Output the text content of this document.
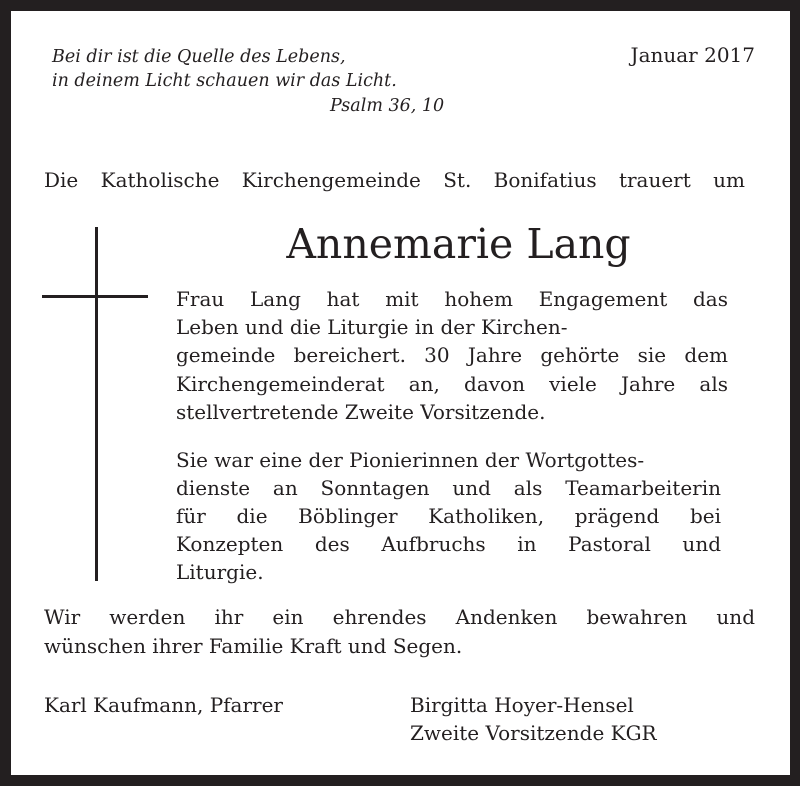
Bei dir ist die Quelle des Lebens,
in deinem Licht schauen wir das Licht.
Psalm 36, 10
Januar 2017
Die Katholische Kirchengemeinde St. Bonifatius trauert um
Annemarie Lang
Frau Lang hat mit hohem Engagement das
Leben und die Liturgie in der Kirchen-
gemeinde bereichert. 30 Jahre gehörte sie dem
Kirchengemeinderat an, davon viele Jahre als
stellvertretende Zweite Vorsitzende.
Sie war eine der Pionierinnen der Wortgottes-
dienste an Sonntagen und als Teamarbeiterin
für die Böblinger Katholiken, prägend bei
Konzepten des Aufbruchs in Pastoral und
Liturgie.
Wir werden ihr ein ehrendes Andenken bewahren und
wünschen ihrer Familie Kraft und Segen.
Karl Kaufmann, Pfarrer	Birgitta Hoyer-Hensel
Zweite Vorsitzende KGR
